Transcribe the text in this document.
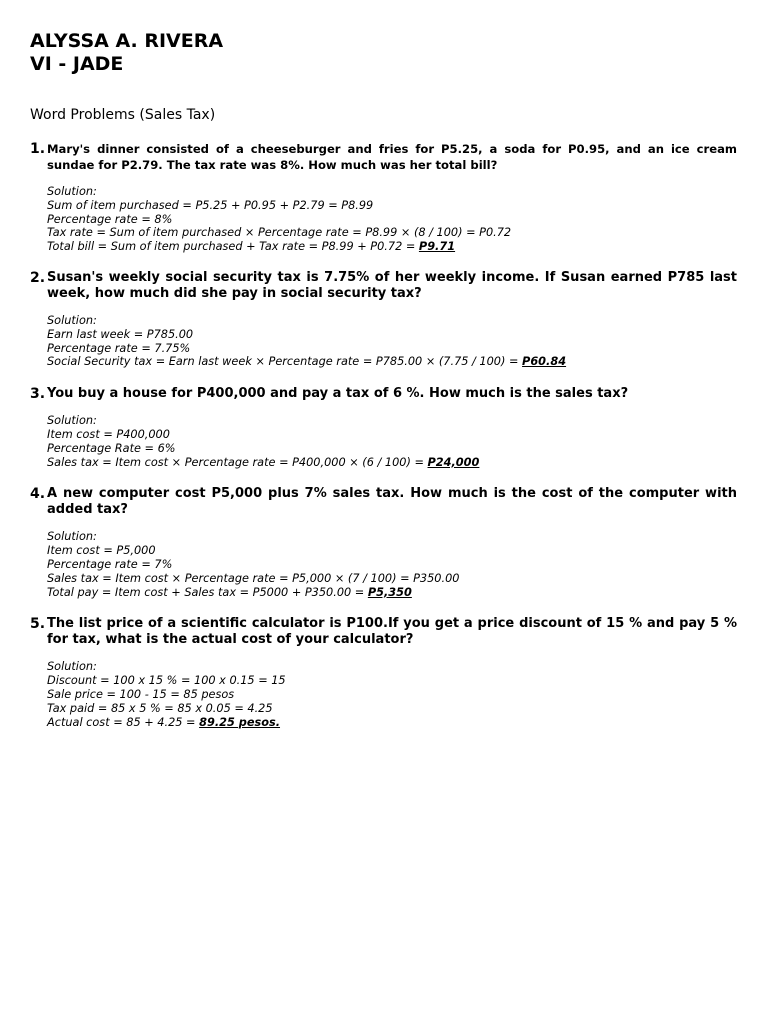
ALYSSA A. RIVERA
VI - JADE
Word Problems (Sales Tax)
1. Mary's dinner consisted of a cheeseburger and fries for P5.25, a soda for P0.95, and an ice cream sundae for P2.79. The tax rate was 8%. How much was her total bill?
Solution:
Sum of item purchased = P5.25 + P0.95 + P2.79 = P8.99
Percentage rate = 8%
Tax rate = Sum of item purchased × Percentage rate = P8.99 × (8 / 100) = P0.72
Total bill = Sum of item purchased + Tax rate = P8.99 + P0.72 = P9.71
2. Susan's weekly social security tax is 7.75% of her weekly income. If Susan earned P785 last week, how much did she pay in social security tax?
Solution:
Earn last week = P785.00
Percentage rate = 7.75%
Social Security tax = Earn last week × Percentage rate = P785.00 × (7.75 / 100) = P60.84
3. You buy a house for P400,000 and pay a tax of 6 %. How much is the sales tax?
Solution:
Item cost = P400,000
Percentage Rate = 6%
Sales tax = Item cost × Percentage rate = P400,000 × (6 / 100) = P24,000
4. A new computer cost P5,000 plus 7% sales tax. How much is the cost of the computer with added tax?
Solution:
Item cost = P5,000
Percentage rate = 7%
Sales tax = Item cost × Percentage rate = P5,000 × (7 / 100) = P350.00
Total pay = Item cost + Sales tax = P5000 + P350.00 = P5,350
5. The list price of a scientific calculator is P100.If you get a price discount of 15 % and pay 5 % for tax, what is the actual cost of your calculator?
Solution:
Discount = 100 x 15 % = 100 x 0.15 = 15
Sale price = 100 - 15 = 85 pesos
Tax paid = 85 x 5 % = 85 x 0.05 = 4.25
Actual cost = 85 + 4.25 = 89.25 pesos.
